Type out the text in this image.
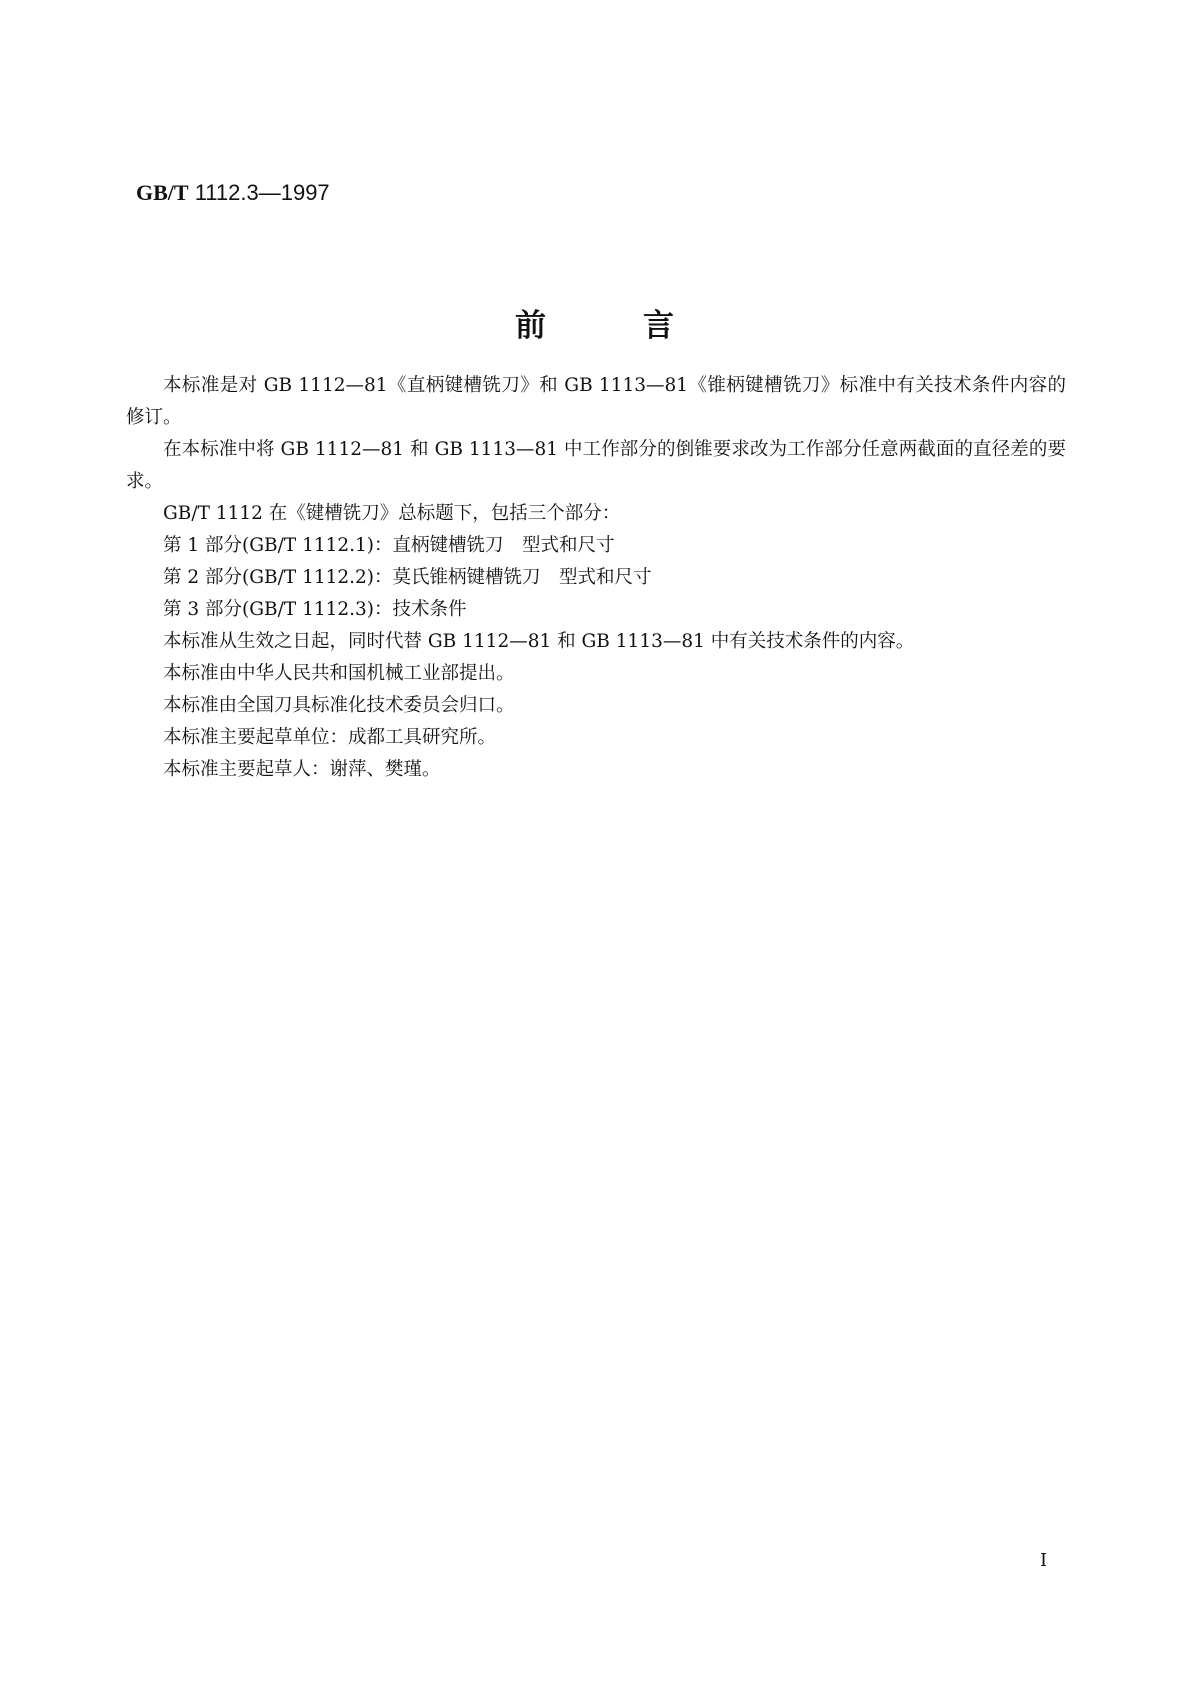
GB/T 1112.3—1997
前	言

本标准是对 GB 1112—81《直柄键槽铣刀》和 GB 1113—81《锥柄键槽铣刀》标准中有关技术条件内容的修订。

在本标准中将 GB 1112—81 和 GB 1113—81 中工作部分的倒锥要求改为工作部分任意两截面的直径差的要求。

GB/T 1112 在《键槽铣刀》总标题下，包括三个部分：

第 1 部分(GB/T 1112.1)：直柄键槽铣刀　型式和尺寸

第 2 部分(GB/T 1112.2)：莫氏锥柄键槽铣刀　型式和尺寸

第 3 部分(GB/T 1112.3)：技术条件

本标准从生效之日起，同时代替 GB 1112—81 和 GB 1113—81 中有关技术条件的内容。

本标准由中华人民共和国机械工业部提出。

本标准由全国刀具标准化技术委员会归口。

本标准主要起草单位：成都工具研究所。

本标准主要起草人：谢萍、樊瑾。

I
